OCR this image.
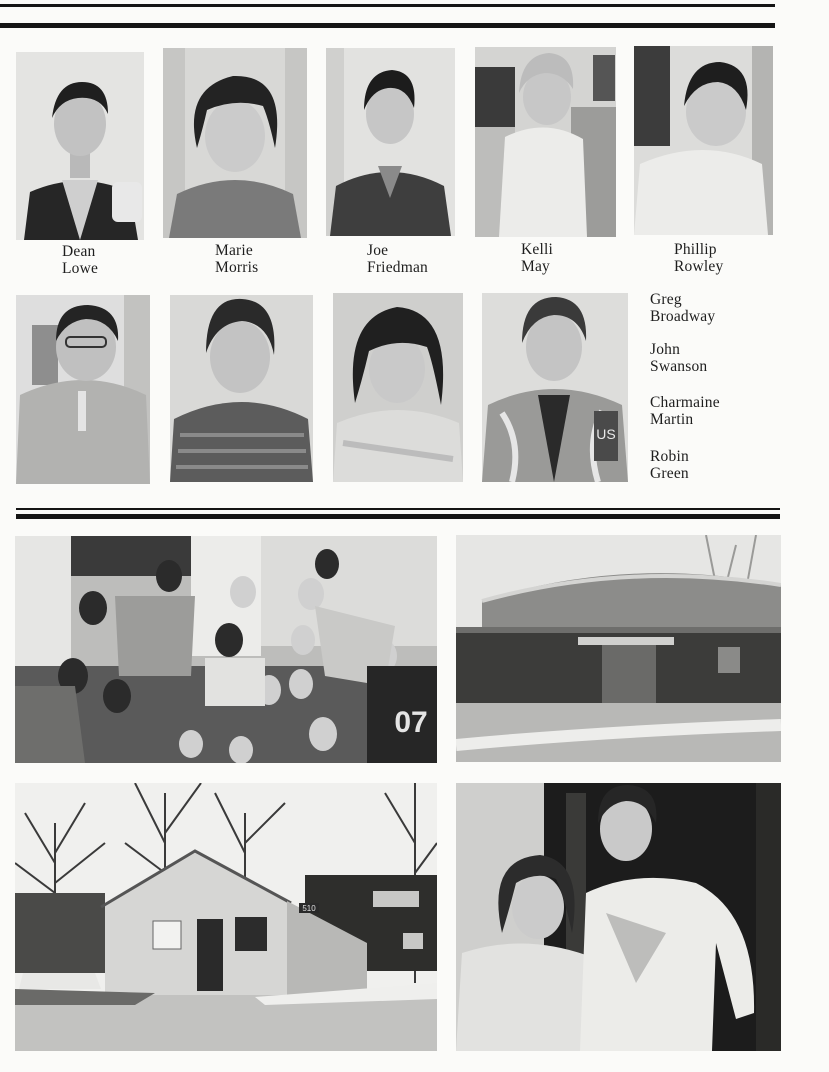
Dean
Lowe
Marie
Morris
Joe
Friedman
Kelli
May
Phillip
Rowley
US
Greg
Broadway
John
Swanson
Charmaine
Martin
Robin
Green
07
510
